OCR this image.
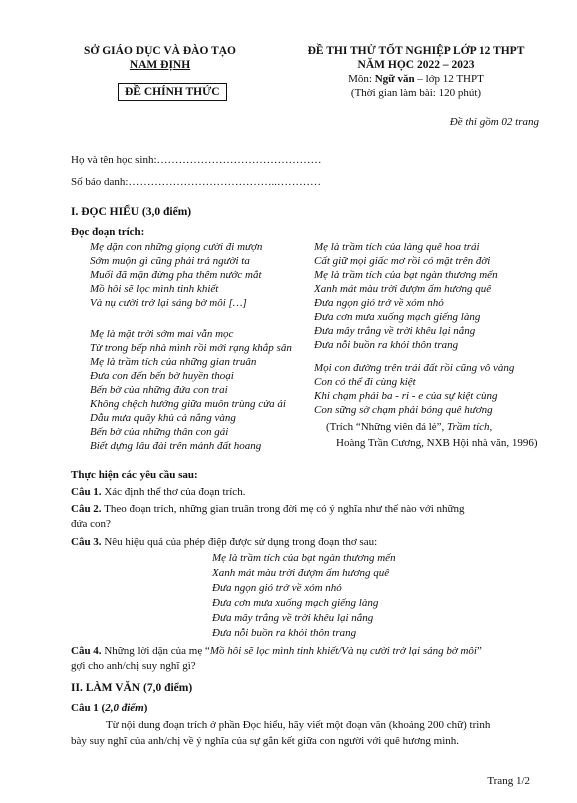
SỞ GIÁO DỤC VÀ ĐÀO TẠO
NAM ĐỊNH
ĐỀ CHÍNH THỨC
ĐỀ THI THỬ TỐT NGHIỆP LỚP 12 THPT
NĂM HỌC 2022 – 2023
Môn: Ngữ văn – lớp 12 THPT
(Thời gian làm bài: 120 phút)
Đề thi gồm 02 trang
Họ và tên học sinh:………………………………………
Số báo danh:…………………………………..…………
I. ĐỌC HIỂU (3,0 điểm)
Đọc đoạn trích:
Mẹ dặn con những giọng cười đi mượn
Sớm muộn gì cũng phải trả người ta
Muối đã mặn đừng pha thêm nước mắt
Mồ hôi sẽ lọc mình tinh khiết
Và nụ cười trở lại sáng bờ môi […]
Mẹ là mặt trời sớm mai vẫn mọc
Từ trong bếp nhà mình rồi mới rạng khắp sân
Mẹ là trầm tích của những gian truân
Đưa con đến bến bờ huyền thoại
Bến bờ của những đứa con trai
Không chệch hướng giữa muôn trùng cửa ải
Dẫu mưa quây khủ cả nắng vàng
Bến bờ của những thân con gái
Biết dựng lâu đài trên mảnh đất hoang
Mẹ là trầm tích của làng quê hoa trái
Cất giữ mọi giấc mơ rồi có mặt trên đời
Mẹ là trầm tích của bạt ngàn thương mến
Xanh mát màu trời đượm ấm hương quê
Đưa ngọn gió trở về xóm nhỏ
Đưa cơn mưa xuống mạch giếng làng
Đưa mây trắng về trời khêu lại nắng
Đưa nỗi buồn ra khỏi thôn trang
Mọi con đường trên trái đất rồi cũng vô vàng
Con có thể đi cùng kiệt
Khi chạm phải ba - ri - e của sự kiệt cùng
Con sững sờ chạm phải bóng quê hương
(Trích “Những viên đá lẻ”, Trầm tích,
Hoàng Trần Cương, NXB Hội nhà văn, 1996)
Thực hiện các yêu cầu sau:
Câu 1. Xác định thể thơ của đoạn trích.
Câu 2. Theo đoạn trích, những gian truân trong đời mẹ có ý nghĩa như thế nào với những
đứa con?
Câu 3. Nêu hiệu quả của phép điệp được sử dụng trong đoạn thơ sau:
Mẹ là trầm tích của bạt ngàn thương mến
Xanh mát màu trời đượm ấm hương quê
Đưa ngọn gió trở về xóm nhỏ
Đưa cơn mưa xuống mạch giếng làng
Đưa mây trắng về trời khêu lại nắng
Đưa nỗi buồn ra khỏi thôn trang
Câu 4. Những lời dặn của mẹ “Mồ hôi sẽ lọc mình tinh khiết/Và nụ cười trở lại sáng bờ môi”
gợi cho anh/chị suy nghĩ gì?
II. LÀM VĂN (7,0 điểm)
Câu 1 (2,0 điểm)
Từ nội dung đoạn trích ở phần Đọc hiểu, hãy viết một đoạn văn (khoảng 200 chữ) trình
bày suy nghĩ của anh/chị về ý nghĩa của sự gắn kết giữa con người với quê hương mình.
Trang 1/2
